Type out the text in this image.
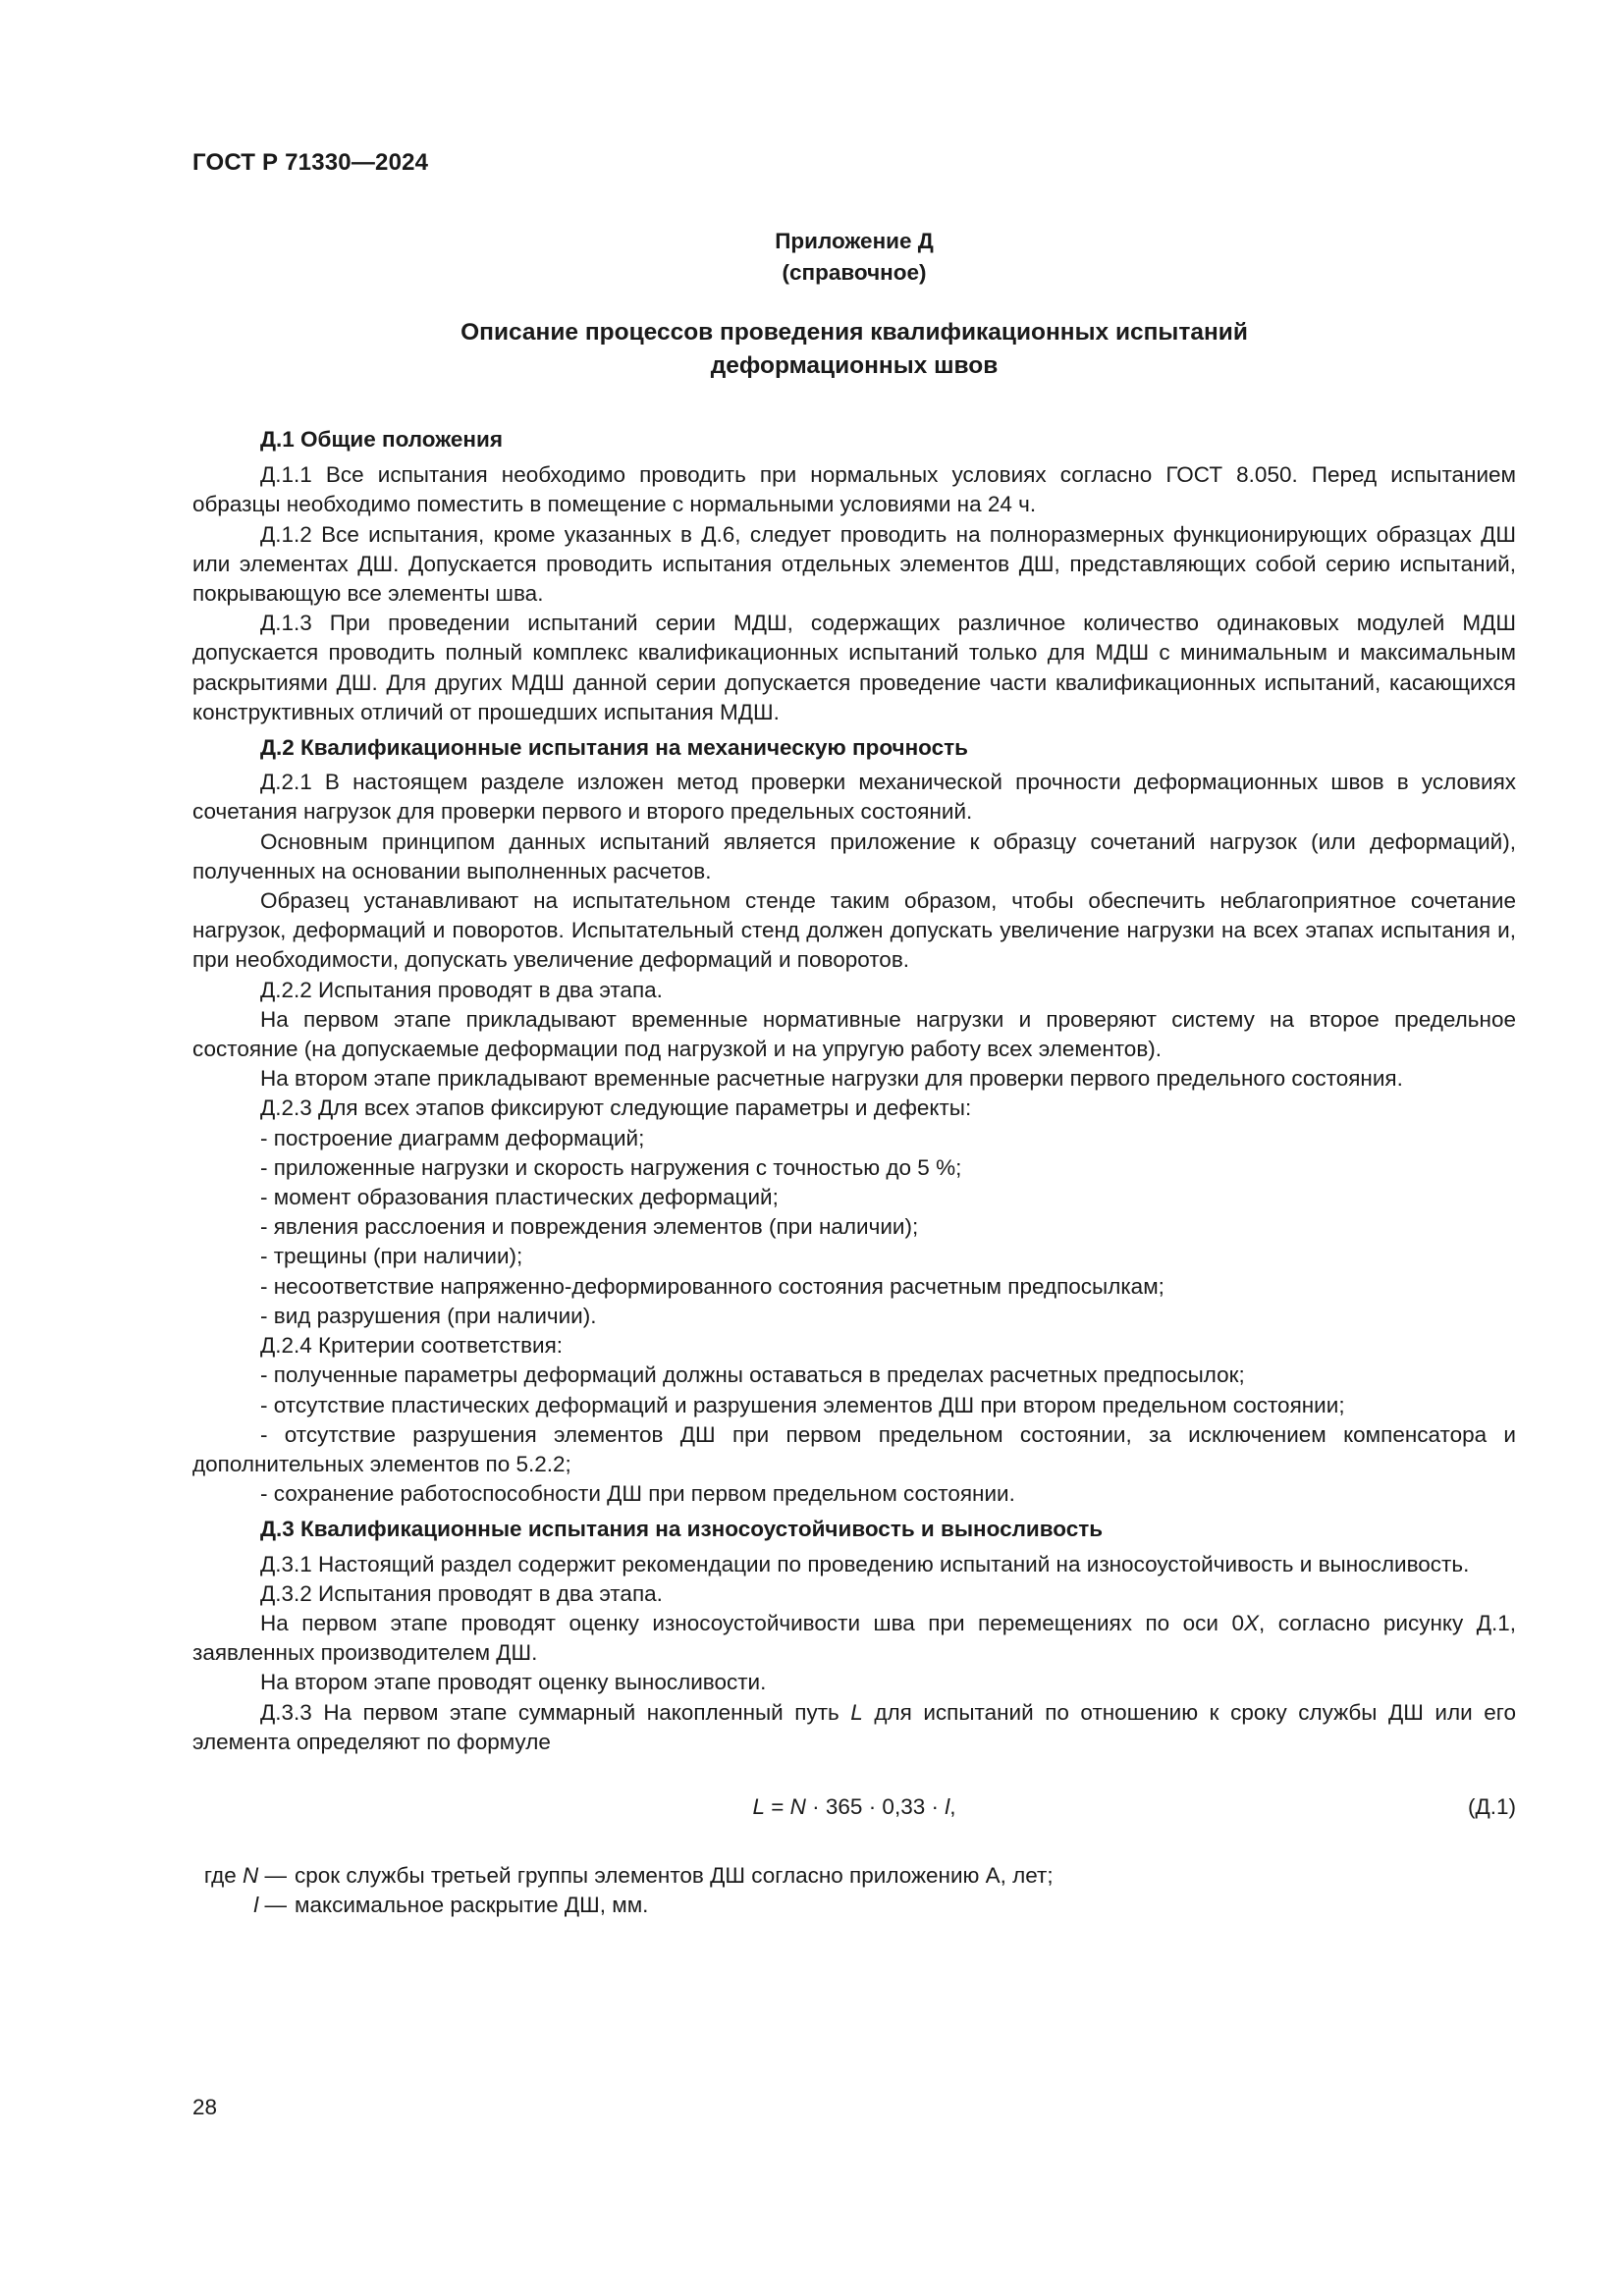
ГОСТ Р 71330—2024
Приложение Д
(справочное)
Описание процессов проведения квалификационных испытаний
деформационных швов
Д.1 Общие положения

Д.1.1 Все испытания необходимо проводить при нормальных условиях согласно ГОСТ 8.050. Перед испытанием образцы необходимо поместить в помещение с нормальными условиями на 24 ч.

Д.1.2 Все испытания, кроме указанных в Д.6, следует проводить на полноразмерных функционирующих образцах ДШ или элементах ДШ. Допускается проводить испытания отдельных элементов ДШ, представляющих собой серию испытаний, покрывающую все элементы шва.

Д.1.3 При проведении испытаний серии МДШ, содержащих различное количество одинаковых модулей МДШ допускается проводить полный комплекс квалификационных испытаний только для МДШ с минимальным и максимальным раскрытиями ДШ. Для других МДШ данной серии допускается проведение части квалификационных испытаний, касающихся конструктивных отличий от прошедших испытания МДШ.

Д.2 Квалификационные испытания на механическую прочность

Д.2.1 В настоящем разделе изложен метод проверки механической прочности деформационных швов в условиях сочетания нагрузок для проверки первого и второго предельных состояний.

Основным принципом данных испытаний является приложение к образцу сочетаний нагрузок (или деформаций), полученных на основании выполненных расчетов.

Образец устанавливают на испытательном стенде таким образом, чтобы обеспечить неблагоприятное сочетание нагрузок, деформаций и поворотов. Испытательный стенд должен допускать увеличение нагрузки на всех этапах испытания и, при необходимости, допускать увеличение деформаций и поворотов.

Д.2.2 Испытания проводят в два этапа.

На первом этапе прикладывают временные нормативные нагрузки и проверяют систему на второе предельное состояние (на допускаемые деформации под нагрузкой и на упругую работу всех элементов).

На втором этапе прикладывают временные расчетные нагрузки для проверки первого предельного состояния.

Д.2.3 Для всех этапов фиксируют следующие параметры и дефекты:

- построение диаграмм деформаций;
- приложенные нагрузки и скорость нагружения с точностью до 5 %;
- момент образования пластических деформаций;
- явления расслоения и повреждения элементов (при наличии);
- трещины (при наличии);
- несоответствие напряженно-деформированного состояния расчетным предпосылкам;
- вид разрушения (при наличии).

Д.2.4 Критерии соответствия:

- полученные параметры деформаций должны оставаться в пределах расчетных предпосылок;
- отсутствие пластических деформаций и разрушения элементов ДШ при втором предельном состоянии;

- отсутствие разрушения элементов ДШ при первом предельном состоянии, за исключением компенсатора и дополнительных элементов по 5.2.2;

- сохранение работоспособности ДШ при первом предельном состоянии.
Д.3 Квалификационные испытания на износоустойчивость и выносливость

Д.3.1 Настоящий раздел содержит рекомендации по проведению испытаний на износоустойчивость и выносливость.

Д.3.2 Испытания проводят в два этапа.

На первом этапе проводят оценку износоустойчивости шва при перемещениях по оси 0X, согласно рисунку Д.1, заявленных производителем ДШ.

На втором этапе проводят оценку выносливости.

Д.3.3 На первом этапе суммарный накопленный путь L для испытаний по отношению к сроку службы ДШ или его элемента определяют по формуле

L = N · 365 · 0,33 · l,	(Д.1)
где N — срок службы третьей группы элементов ДШ согласно приложению А, лет;
l — максимальное раскрытие ДШ, мм.
28
